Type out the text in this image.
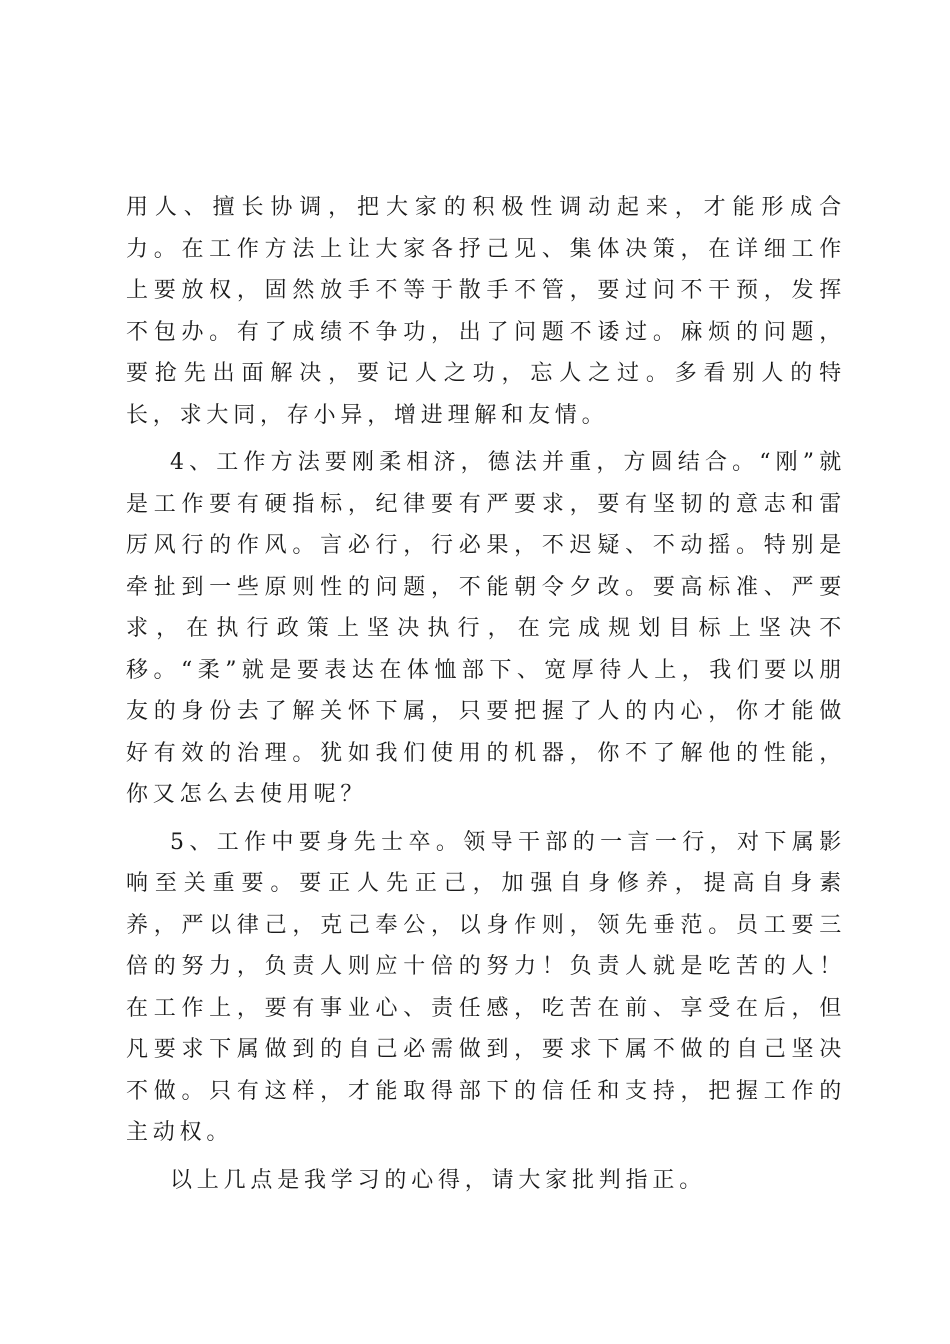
用人、擅长协调，把大家的积极性调动起来，才能形成合力。在工作方法上让大家各抒己见、集体决策，在详细工作上要放权，固然放手不等于散手不管，要过问不干预，发挥不包办。有了成绩不争功，出了问题不诿过。麻烦的问题，要抢先出面解决，要记人之功，忘人之过。多看别人的特长，求大同，存小异，增进理解和友情。

4、工作方法要刚柔相济，德法并重，方圆结合。“刚”就是工作要有硬指标，纪律要有严要求，要有坚韧的意志和雷厉风行的作风。言必行，行必果，不迟疑、不动摇。特别是牵扯到一些原则性的问题，不能朝令夕改。要高标准、严要求，在执行政策上坚决执行，在完成规划目标上坚决不移。“柔”就是要表达在体恤部下、宽厚待人上，我们要以朋友的身份去了解关怀下属，只要把握了人的内心，你才能做好有效的治理。犹如我们使用的机器，你不了解他的性能，你又怎么去使用呢？

5、工作中要身先士卒。领导干部的一言一行，对下属影响至关重要。要正人先正己，加强自身修养，提高自身素养，严以律己，克己奉公，以身作则，领先垂范。员工要三倍的努力，负责人则应十倍的努力！负责人就是吃苦的人！在工作上，要有事业心、责任感，吃苦在前、享受在后，但凡要求下属做到的自己必需做到，要求下属不做的自己坚决不做。只有这样，才能取得部下的信任和支持，把握工作的主动权。

以上几点是我学习的心得，请大家批判指正。
